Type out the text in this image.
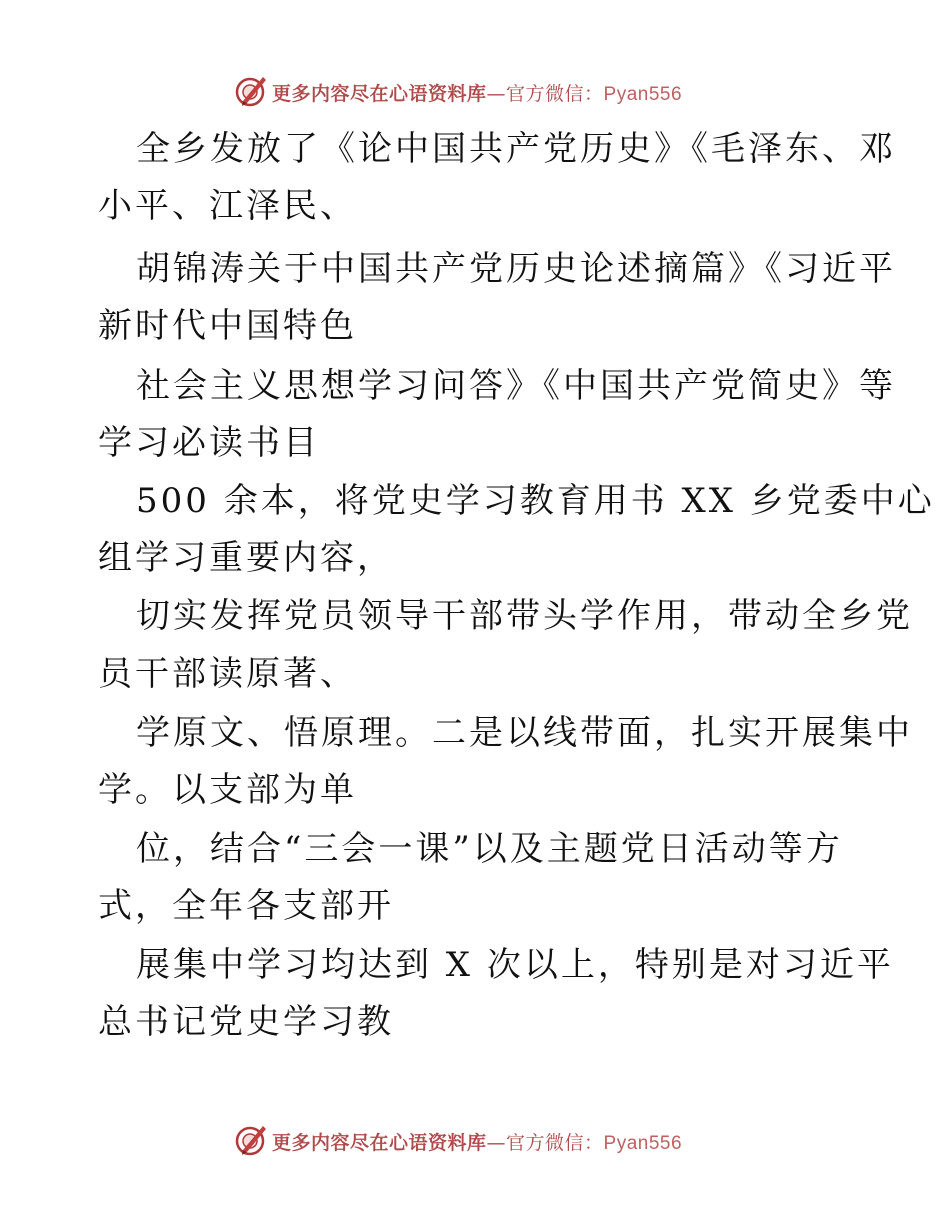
更多内容尽在心语资料库—官方微信：Pyan556
全乡发放了《论中国共产党历史》《毛泽东、邓
小平、江泽民、
胡锦涛关于中国共产党历史论述摘篇》《习近平
新时代中国特色
社会主义思想学习问答》《中国共产党简史》等
学习必读书目
500 余本，将党史学习教育用书 XX 乡党委中心
组学习重要内容，
切实发挥党员领导干部带头学作用，带动全乡党
员干部读原著、
学原文、悟原理。二是以线带面，扎实开展集中
学。以支部为单
位，结合“三会一课”以及主题党日活动等方
式，全年各支部开
展集中学习均达到 X 次以上，特别是对习近平
总书记党史学习教
更多内容尽在心语资料库—官方微信：Pyan556
